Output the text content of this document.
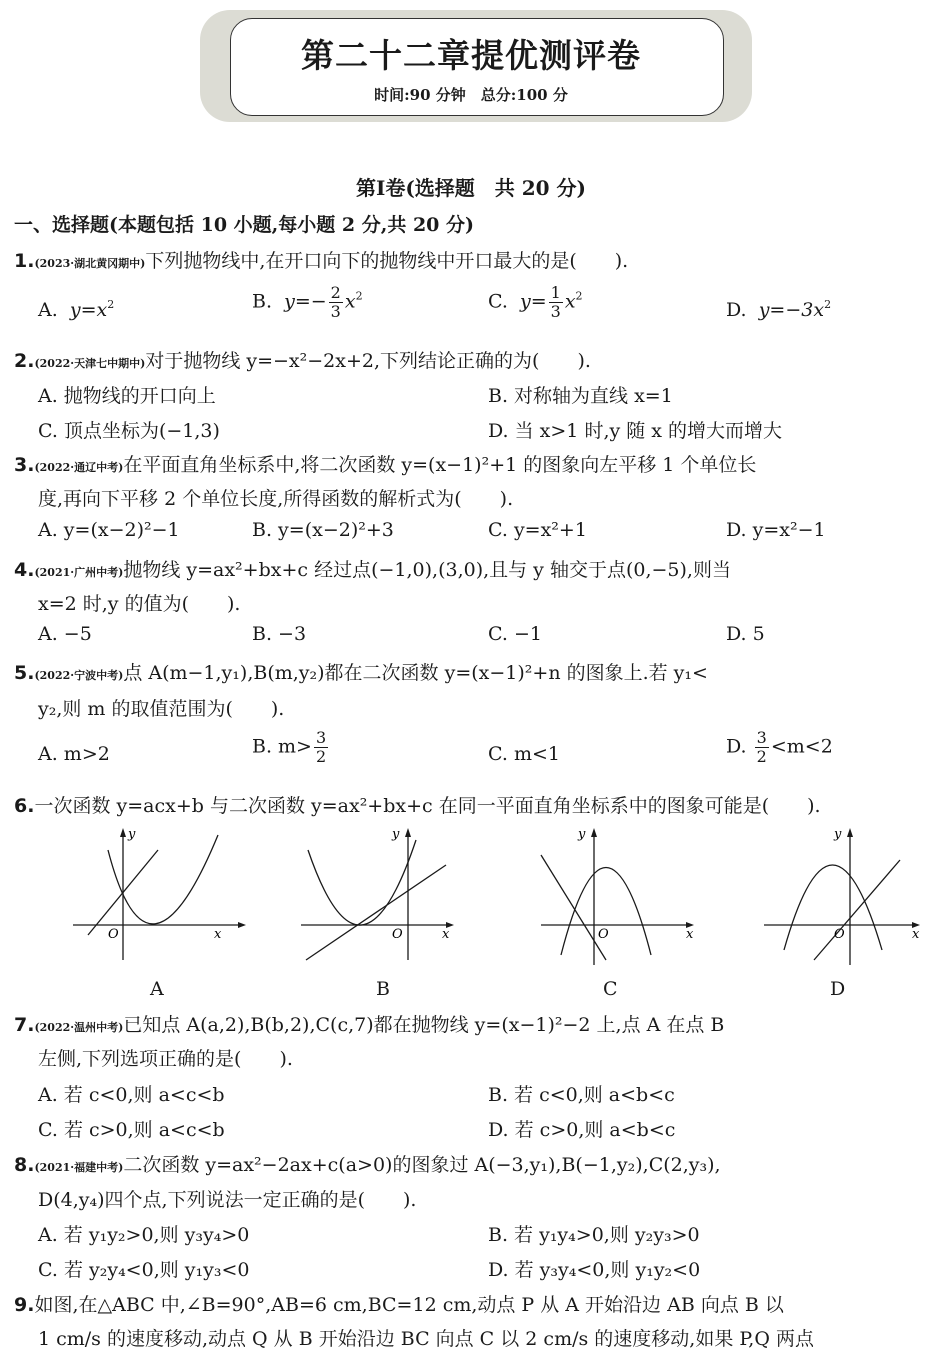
第二十二章提优测评卷
时间:90 分钟　总分:100 分
第Ⅰ卷(选择题　共 20 分)
一、选择题(本题包括 10 小题,每小题 2 分,共 20 分)
1.(2023·湖北黄冈期中)下列抛物线中,在开口向下的抛物线中开口最大的是(　　).
A.  $y=x^2$	B.  $y=- \frac{2}{3} x^2$	C.  $y= \frac{1}{3} x^2$
D.  $y=-3x^2$
2.(2022·天津七中期中)对于抛物线 y=−x²−2x+2,下列结论正确的为(　　).
A. 抛物线的开口向上	B. 对称轴为直线 x=1
C. 顶点坐标为(−1,3)	D. 当 x>1 时,y 随 x 的增大而增大
3.(2022·通辽中考)在平面直角坐标系中,将二次函数 y=(x−1)²+1 的图象向左平移 1 个单位长
度,再向下平移 2 个单位长度,所得函数的解析式为(　　).
A. y=(x−2)²−1	B. y=(x−2)²+3	C. y=x²+1	D. y=x²−1
4.(2021·广州中考)抛物线 y=ax²+bx+c 经过点(−1,0),(3,0),且与 y 轴交于点(0,−5),则当
x=2 时,y 的值为(　　).
A. −5	B. −3	C. −1	D. 5
5.(2022·宁波中考)点 A(m−1,y₁),B(m,y₂)都在二次函数 y=(x−1)²+n 的图象上.若 y₁<
y₂,则 m 的取值范围为(　　).
A. m>2	B. $m> \frac{3}{2}$	C. m<1	D. $\frac{3}{2} <m<2$
6.一次函数 y=acx+b 与二次函数 y=ax²+bx+c 在同一平面直角坐标系中的图象可能是(　　).
y
x
O
A
y
x
O
B
y
x
O
C
y
x
O
D
7.(2022·温州中考)已知点 A(a,2),B(b,2),C(c,7)都在抛物线 y=(x−1)²−2 上,点 A 在点 B
左侧,下列选项正确的是(　　).
A. 若 c<0,则 a<c<b	B. 若 c<0,则 a<b<c
C. 若 c>0,则 a<c<b	D. 若 c>0,则 a<b<c
8.(2021·福建中考)二次函数 y=ax²−2ax+c(a>0)的图象过 A(−3,y₁),B(−1,y₂),C(2,y₃),
D(4,y₄)四个点,下列说法一定正确的是(　　).
A. 若 y₁y₂>0,则 y₃y₄>0	B. 若 y₁y₄>0,则 y₂y₃>0
C. 若 y₂y₄<0,则 y₁y₃<0	D. 若 y₃y₄<0,则 y₁y₂<0
9.如图,在△ABC 中,∠B=90°,AB=6 cm,BC=12 cm,动点 P 从 A 开始沿边 AB 向点 B 以
1 cm/s 的速度移动,动点 Q 从 B 开始沿边 BC 向点 C 以 2 cm/s 的速度移动,如果 P,Q 两点
